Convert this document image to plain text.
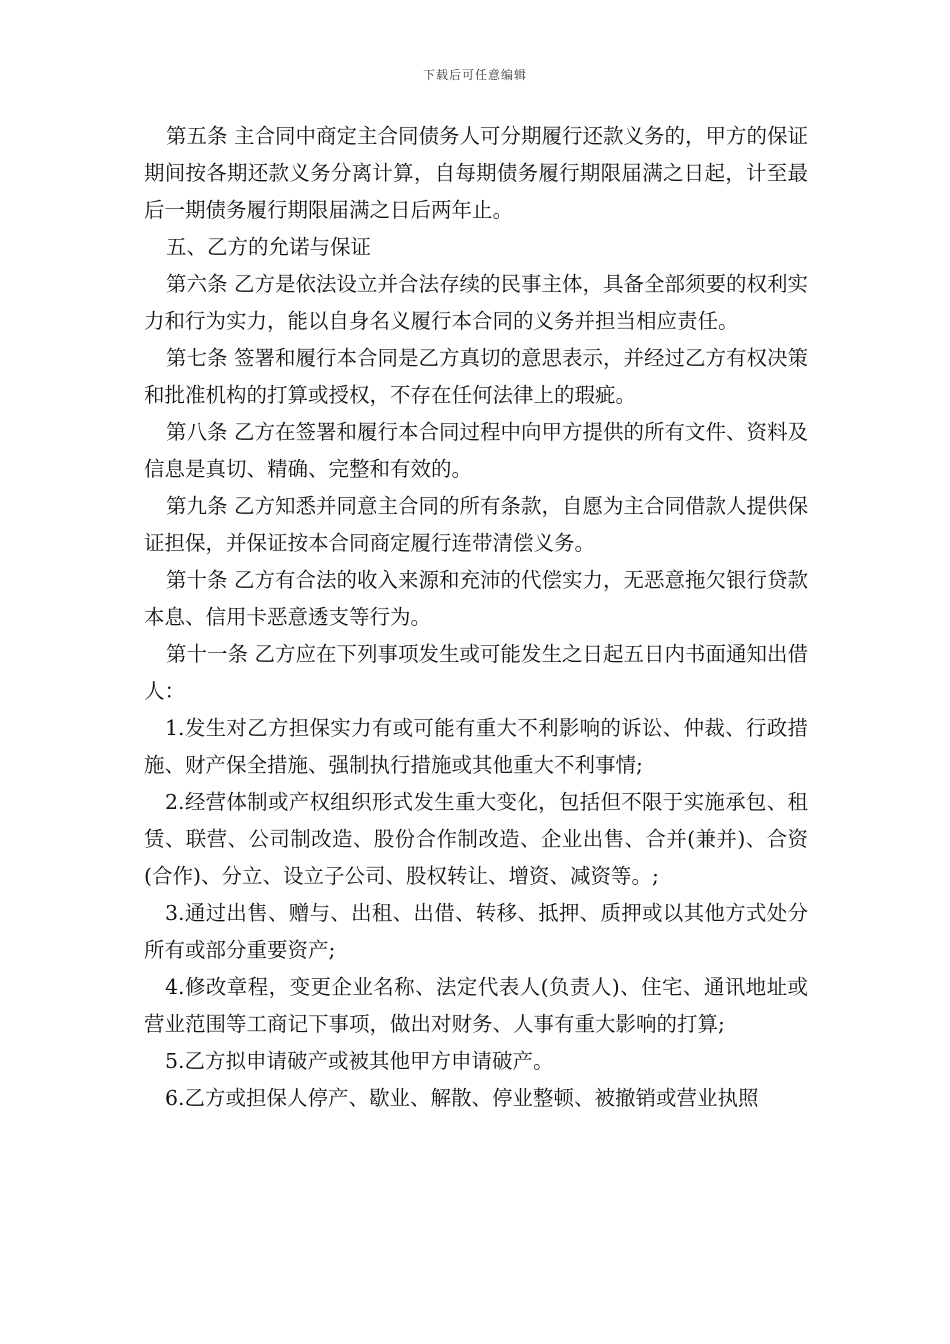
下载后可任意编辑

第五条 主合同中商定主合同债务人可分期履行还款义务的，甲方的保证期间按各期还款义务分离计算，自每期债务履行期限届满之日起，计至最后一期债务履行期限届满之日后两年止。

五、乙方的允诺与保证

第六条 乙方是依法设立并合法存续的民事主体，具备全部须要的权利实力和行为实力，能以自身名义履行本合同的义务并担当相应责任。

第七条 签署和履行本合同是乙方真切的意思表示，并经过乙方有权决策和批准机构的打算或授权，不存在任何法律上的瑕疵。

第八条 乙方在签署和履行本合同过程中向甲方提供的所有文件、资料及信息是真切、精确、完整和有效的。

第九条 乙方知悉并同意主合同的所有条款，自愿为主合同借款人提供保证担保，并保证按本合同商定履行连带清偿义务。

第十条 乙方有合法的收入来源和充沛的代偿实力，无恶意拖欠银行贷款本息、信用卡恶意透支等行为。

第十一条 乙方应在下列事项发生或可能发生之日起五日内书面通知出借人：

1.发生对乙方担保实力有或可能有重大不利影响的诉讼、仲裁、行政措施、财产保全措施、强制执行措施或其他重大不利事情;

2.经营体制或产权组织形式发生重大变化，包括但不限于实施承包、租赁、联营、公司制改造、股份合作制改造、企业出售、合并(兼并)、合资(合作)、分立、设立子公司、股权转让、增资、减资等。;

3.通过出售、赠与、出租、出借、转移、抵押、质押或以其他方式处分所有或部分重要资产;

4.修改章程，变更企业名称、法定代表人(负责人)、住宅、通讯地址或营业范围等工商记下事项，做出对财务、人事有重大影响的打算;

5.乙方拟申请破产或被其他甲方申请破产。

6.乙方或担保人停产、歇业、解散、停业整顿、被撤销或营业执照
